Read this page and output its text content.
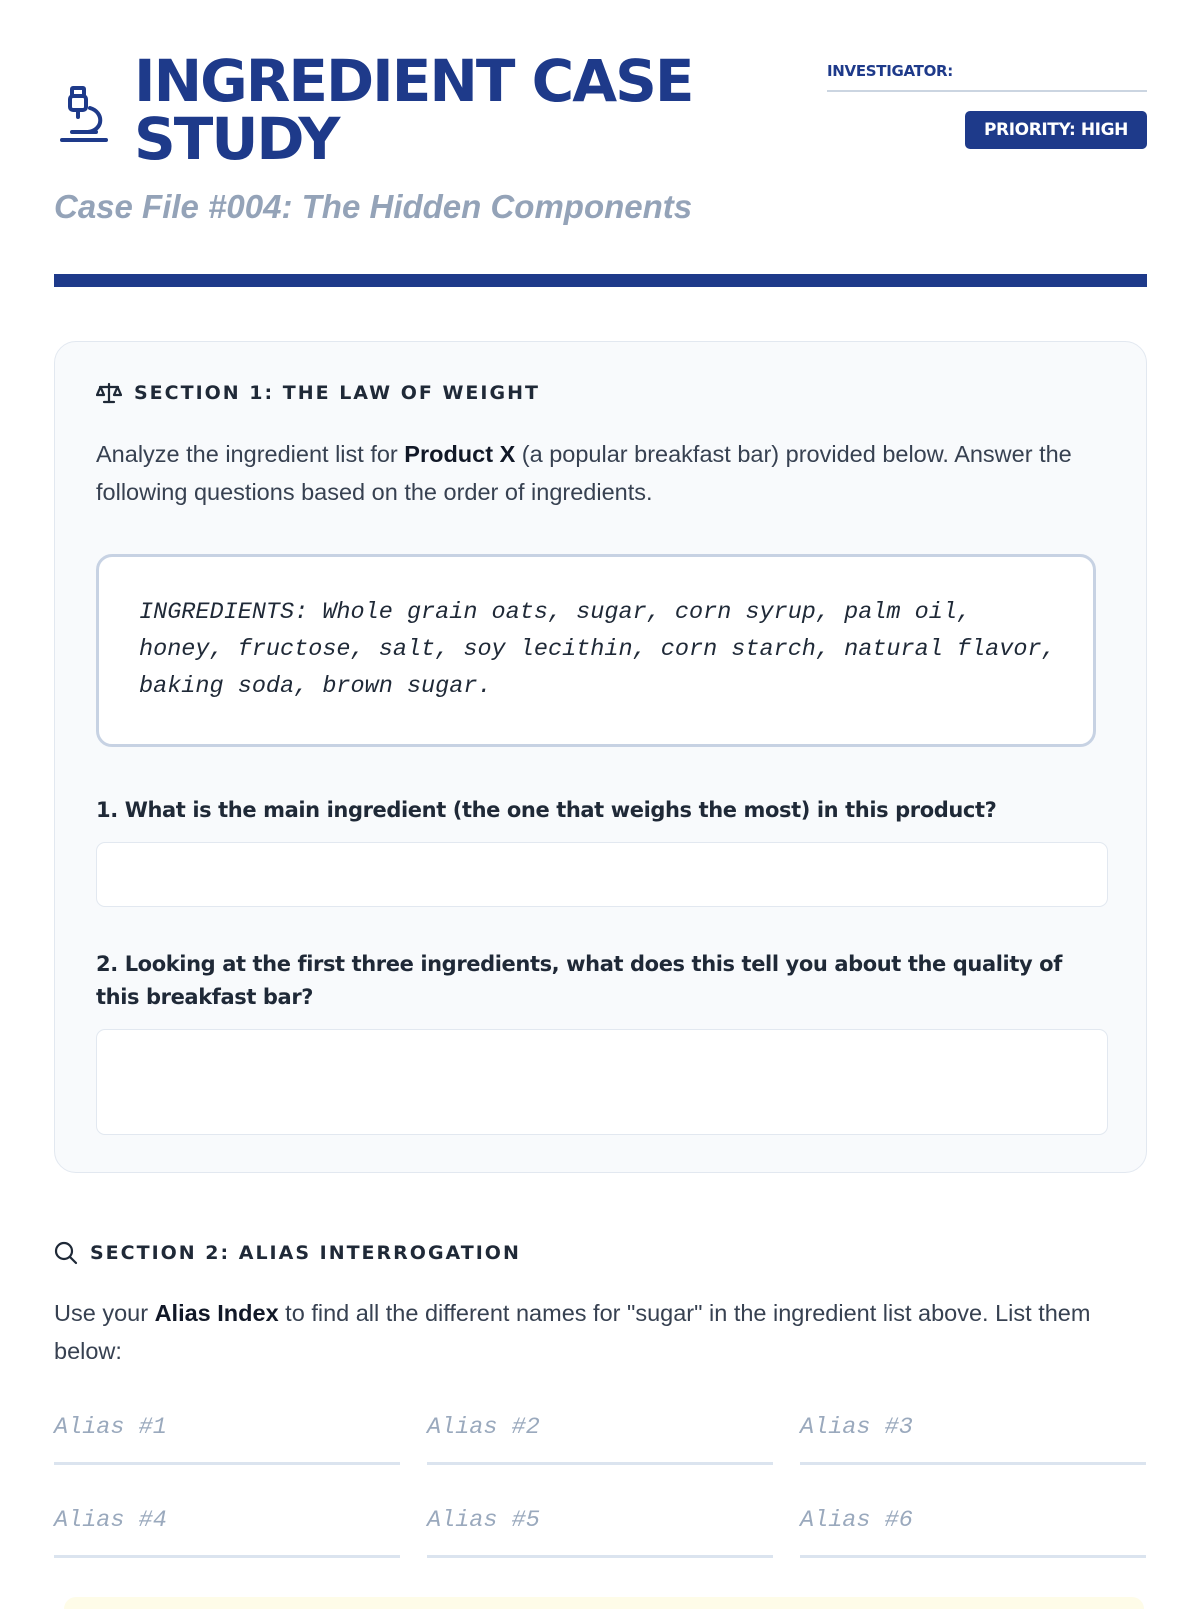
INGREDIENT CASE
STUDY

Case File #004: The Hidden Components

INVESTIGATOR:
PRIORITY: HIGH
SECTION 1: THE LAW OF WEIGHT

Analyze the ingredient list for Product X (a popular breakfast bar) provided below. Answer the following questions based on the order of ingredients.

INGREDIENTS: Whole grain oats, sugar, corn syrup, palm oil, honey, fructose, salt, soy lecithin, corn starch, natural flavor, baking soda, brown sugar.

1. What is the main ingredient (the one that weighs the most) in this product?

2. Looking at the first three ingredients, what does this tell you about the quality of this breakfast bar?

SECTION 2: ALIAS INTERROGATION

Use your Alias Index to find all the different names for "sugar" in the ingredient list above. List them below:

Alias #1	Alias #2	Alias #3
Alias #4	Alias #5	Alias #6
